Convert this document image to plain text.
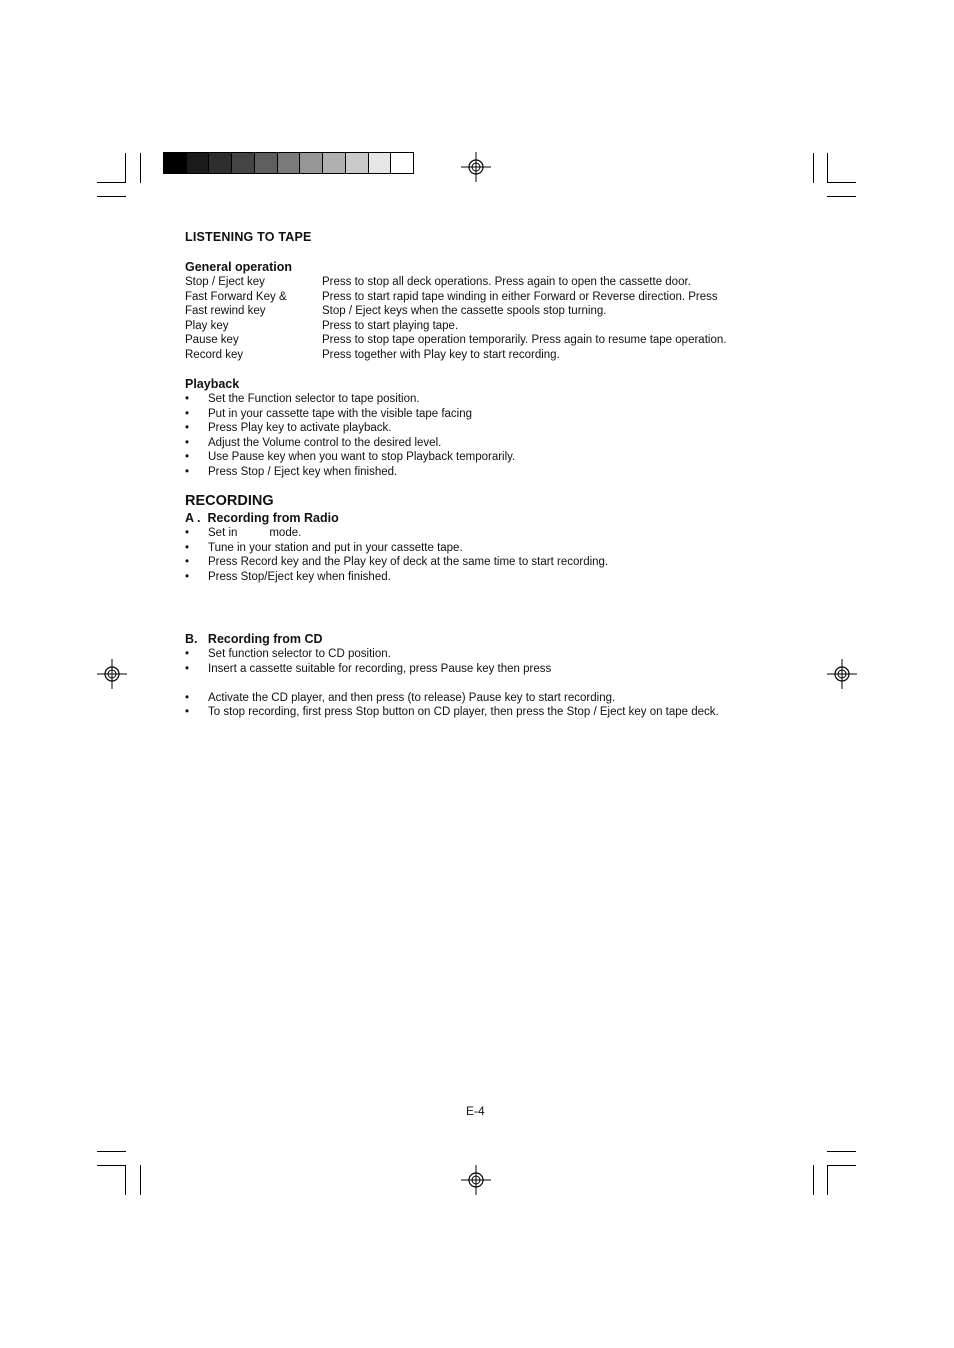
LISTENING TO TAPE
General operation
Stop / Eject key	Press to stop all deck operations. Press again to open the cassette door.
Fast Forward Key &	Press to start rapid tape winding in either Forward or Reverse direction. Press
Fast rewind key	Stop / Eject keys when the cassette spools stop turning.
Play key	Press to start playing tape.
Pause key	Press to stop tape operation temporarily. Press again to resume tape operation.
Record key	Press together with Play key to start recording.
Playback
• Set the Function selector to tape position.
• Put in your cassette tape with the visible tape facing
• Press Play key to activate playback.
• Adjust the Volume control to the desired level.
• Use Pause key when you want to stop Playback temporarily.
• Press Stop / Eject key when finished.
RECORDING
A .  Recording from Radio
• Set in          mode.
• Tune in your station and put in your cassette tape.
• Press Record key and the Play key of deck at the same time to start recording.
• Press Stop/Eject key when finished.
B.   Recording from CD
• Set function selector to CD position.
• Insert a cassette suitable for recording, press Pause key then press
• Activate the CD player, and then press (to release) Pause key to start recording.
• To stop recording, first press Stop button on CD player, then press the Stop / Eject key on tape deck.
E-4
